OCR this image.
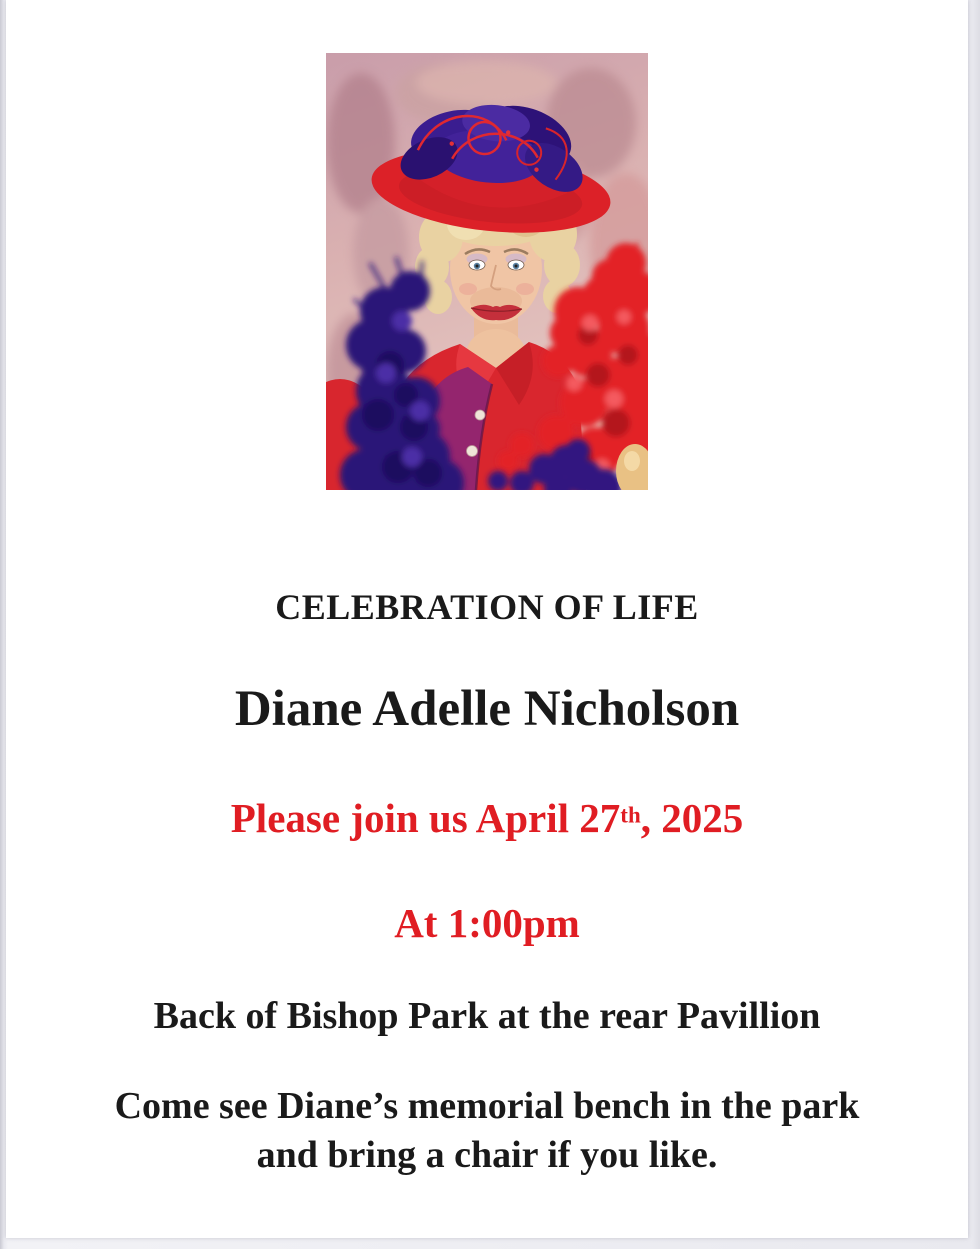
CELEBRATION OF LIFE
Diane Adelle Nicholson
Please join us April 27th, 2025
At 1:00pm
Back of Bishop Park at the rear Pavillion
Come see Diane’s memorial bench in the park
and bring a chair if you like.
